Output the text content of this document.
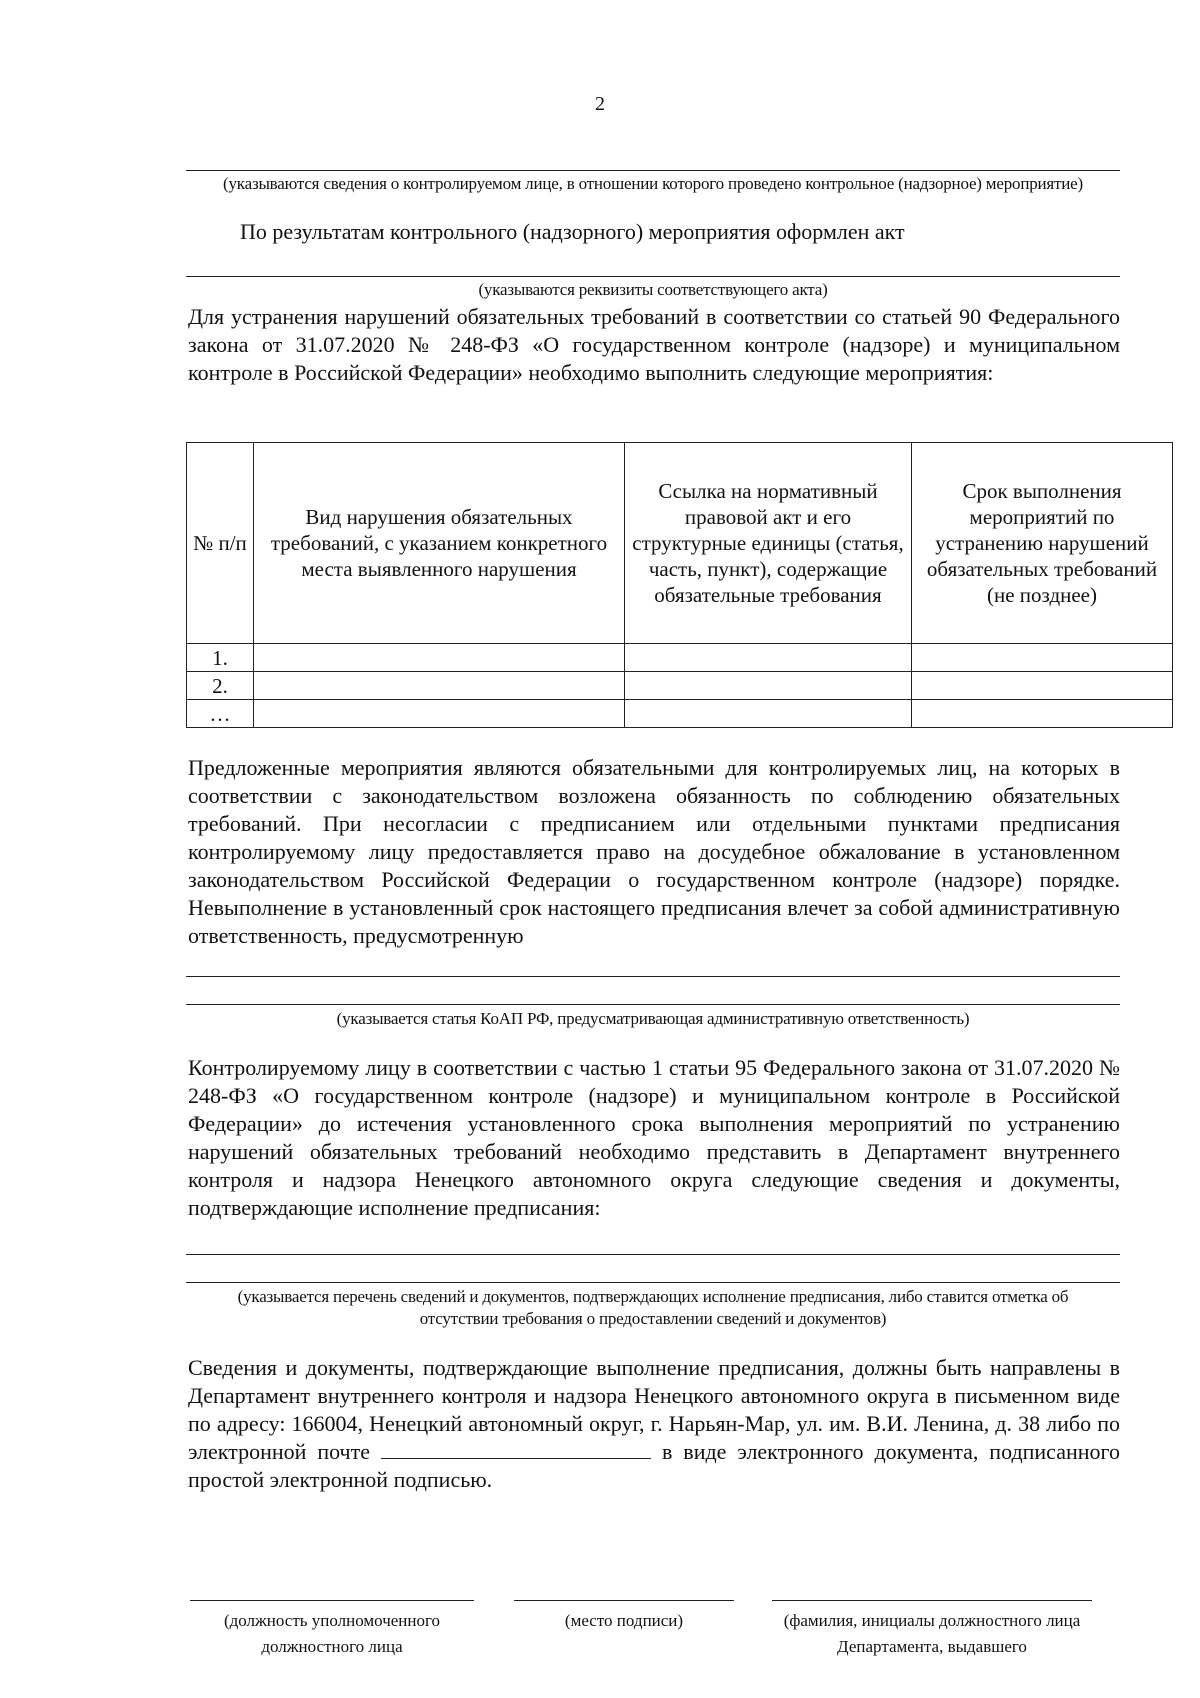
2
(указываются сведения о контролируемом лице, в отношении которого проведено контрольное (надзорное) мероприятие)
По результатам контрольного (надзорного) мероприятия оформлен акт
(указываются реквизиты соответствующего акта)
Для устранения нарушений обязательных требований в соответствии со статьей 90 Федерального закона от 31.07.2020 № 248-ФЗ «О государственном контроле (надзоре) и муниципальном контроле в Российской Федерации» необходимо выполнить следующие мероприятия:
№ п/п	Вид нарушения обязательных требований, с указанием конкретного места выявленного нарушения	Ссылка на нормативный правовой акт и его структурные единицы (статья, часть, пункт), содержащие обязательные требования	Срок выполнения мероприятий по устранению нарушений обязательных требований (не позднее)
1.			
2.			
…			
Предложенные мероприятия являются обязательными для контролируемых лиц, на которых в соответствии с законодательством возложена обязанность по соблюдению обязательных требований. При несогласии с предписанием или отдельными пунктами предписания контролируемому лицу предоставляется право на досудебное обжалование в установленном законодательством Российской Федерации о государственном контроле (надзоре) порядке. Невыполнение в установленный срок настоящего предписания влечет за собой административную ответственность, предусмотренную
(указывается статья КоАП РФ, предусматривающая административную ответственность)
Контролируемому лицу в соответствии с частью 1 статьи 95 Федерального закона от 31.07.2020 № 248-ФЗ «О государственном контроле (надзоре) и муниципальном контроле в Российской Федерации» до истечения установленного срока выполнения мероприятий по устранению нарушений обязательных требований необходимо представить в Департамент внутреннего контроля и надзора Ненецкого автономного округа следующие сведения и документы, подтверждающие исполнение предписания:
(указывается перечень сведений и документов, подтверждающих исполнение предписания, либо ставится отметка об отсутствии требования о предоставлении сведений и документов)
Сведения и документы, подтверждающие выполнение предписания, должны быть направлены в Департамент внутреннего контроля и надзора Ненецкого автономного округа в письменном виде по адресу: 166004, Ненецкий автономный округ, г. Нарьян-Мар, ул. им. В.И. Ленина, д. 38 либо по электронной почте	в виде электронного документа, подписанного простой электронной подписью.
(должность уполномоченного должностного лица
(место подписи)	(фамилия, инициалы должностного лица Департамента, выдавшего
